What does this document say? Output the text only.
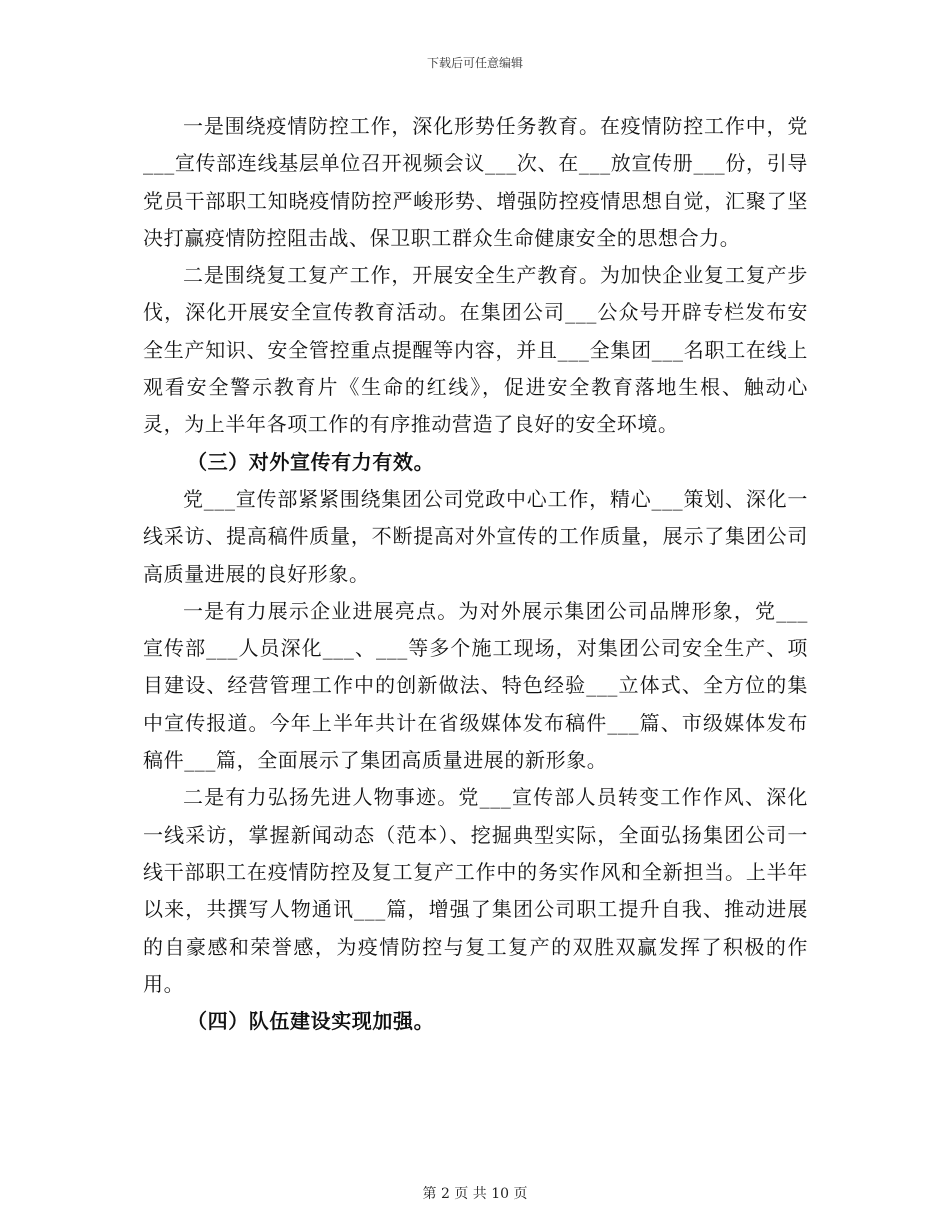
下载后可任意编辑

一是围绕疫情防控工作，深化形势任务教育。在疫情防控工作中，党___宣传部连线基层单位召开视频会议___次、在___放宣传册___份，引导党员干部职工知晓疫情防控严峻形势、增强防控疫情思想自觉，汇聚了坚决打赢疫情防控阻击战、保卫职工群众生命健康安全的思想合力。

二是围绕复工复产工作，开展安全生产教育。为加快企业复工复产步伐，深化开展安全宣传教育活动。在集团公司___公众号开辟专栏发布安全生产知识、安全管控重点提醒等内容，并且___全集团___名职工在线上观看安全警示教育片《生命的红线》，促进安全教育落地生根、触动心灵，为上半年各项工作的有序推动营造了良好的安全环境。

（三）对外宣传有力有效。

党___宣传部紧紧围绕集团公司党政中心工作，精心___策划、深化一线采访、提高稿件质量，不断提高对外宣传的工作质量，展示了集团公司高质量进展的良好形象。

一是有力展示企业进展亮点。为对外展示集团公司品牌形象，党___宣传部___人员深化___、___等多个施工现场，对集团公司安全生产、项目建设、经营管理工作中的创新做法、特色经验___立体式、全方位的集中宣传报道。今年上半年共计在省级媒体发布稿件___篇、市级媒体发布稿件___篇，全面展示了集团高质量进展的新形象。

二是有力弘扬先进人物事迹。党___宣传部人员转变工作作风、深化一线采访，掌握新闻动态（范本）、挖掘典型实际，全面弘扬集团公司一线干部职工在疫情防控及复工复产工作中的务实作风和全新担当。上半年以来，共撰写人物通讯___篇，增强了集团公司职工提升自我、推动进展的自豪感和荣誉感，为疫情防控与复工复产的双胜双赢发挥了积极的作用。

（四）队伍建设实现加强。

第 2 页 共 10 页
